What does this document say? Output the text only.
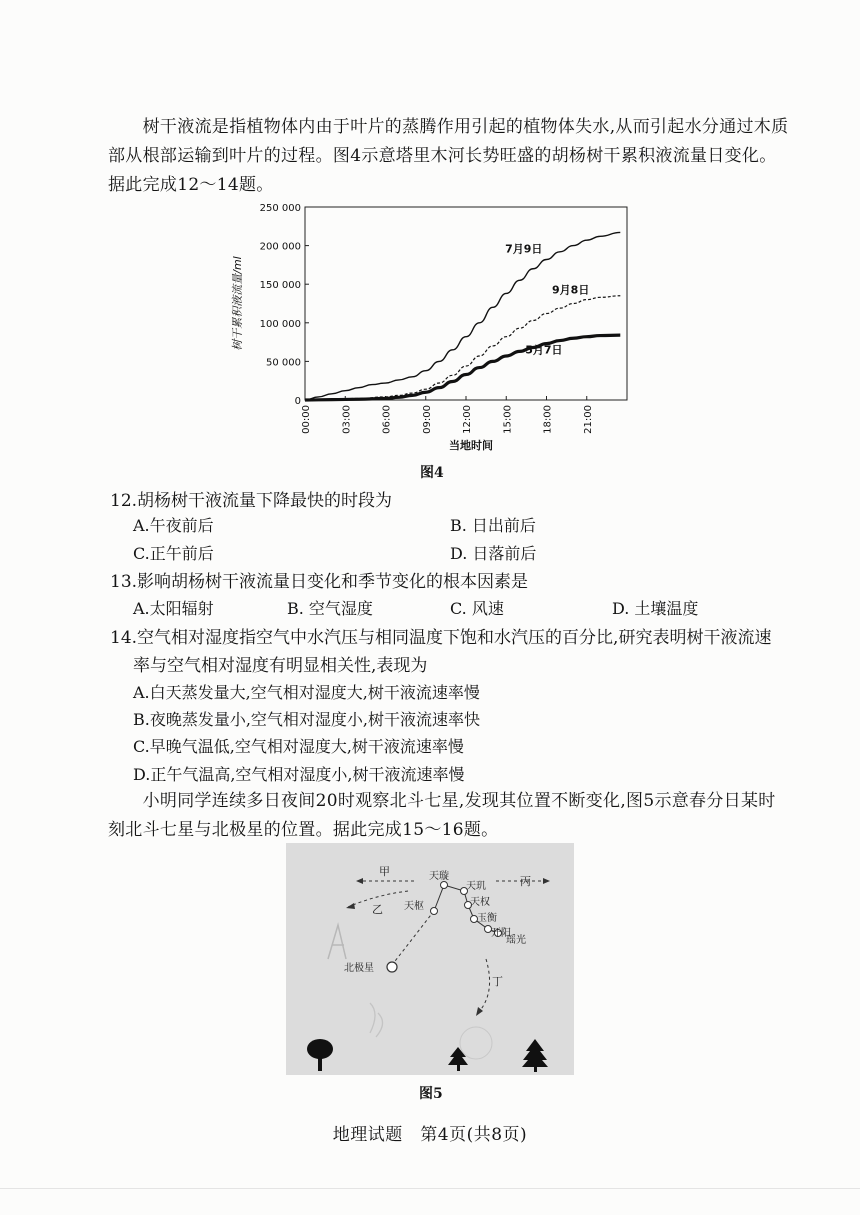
　　树干液流是指植物体内由于叶片的蒸腾作用引起的植物体失水,从而引起水分通过木质
部从根部运输到叶片的过程。图4示意塔里木河长势旺盛的胡杨树干累积液流量日变化。
据此完成12～14题。
250 000
200 000
150 000
100 000
50 000
0
00:00	03:00	06:00	09:00	12:00	15:00	18:00	21:00
当地时间
树干累积液流量/ml
7月9日
9月8日
5月7日
图4
12.胡杨树干液流量下降最快的时段为
A.午夜前后	B. 日出前后
C.正午前后	D. 日落前后
13.影响胡杨树干液流量日变化和季节变化的根本因素是
A.太阳辐射	B. 空气湿度	C. 风速	D. 土壤温度
14.空气相对湿度指空气中水汽压与相同温度下饱和水汽压的百分比,研究表明树干液流速
率与空气相对湿度有明显相关性,表现为
A.白天蒸发量大,空气相对湿度大,树干液流速率慢
B.夜晚蒸发量小,空气相对湿度小,树干液流速率快
C.早晚气温低,空气相对湿度大,树干液流速率慢
D.正午气温高,空气相对湿度小,树干液流速率慢
　　小明同学连续多日夜间20时观察北斗七星,发现其位置不断变化,图5示意春分日某时
刻北斗七星与北极星的位置。据此完成15～16题。
甲
乙
丙
丁
天璇
天玑
天权
玉衡
开阳
瑶光
天枢
北极星
图5
地理试题　第4页(共8页)
